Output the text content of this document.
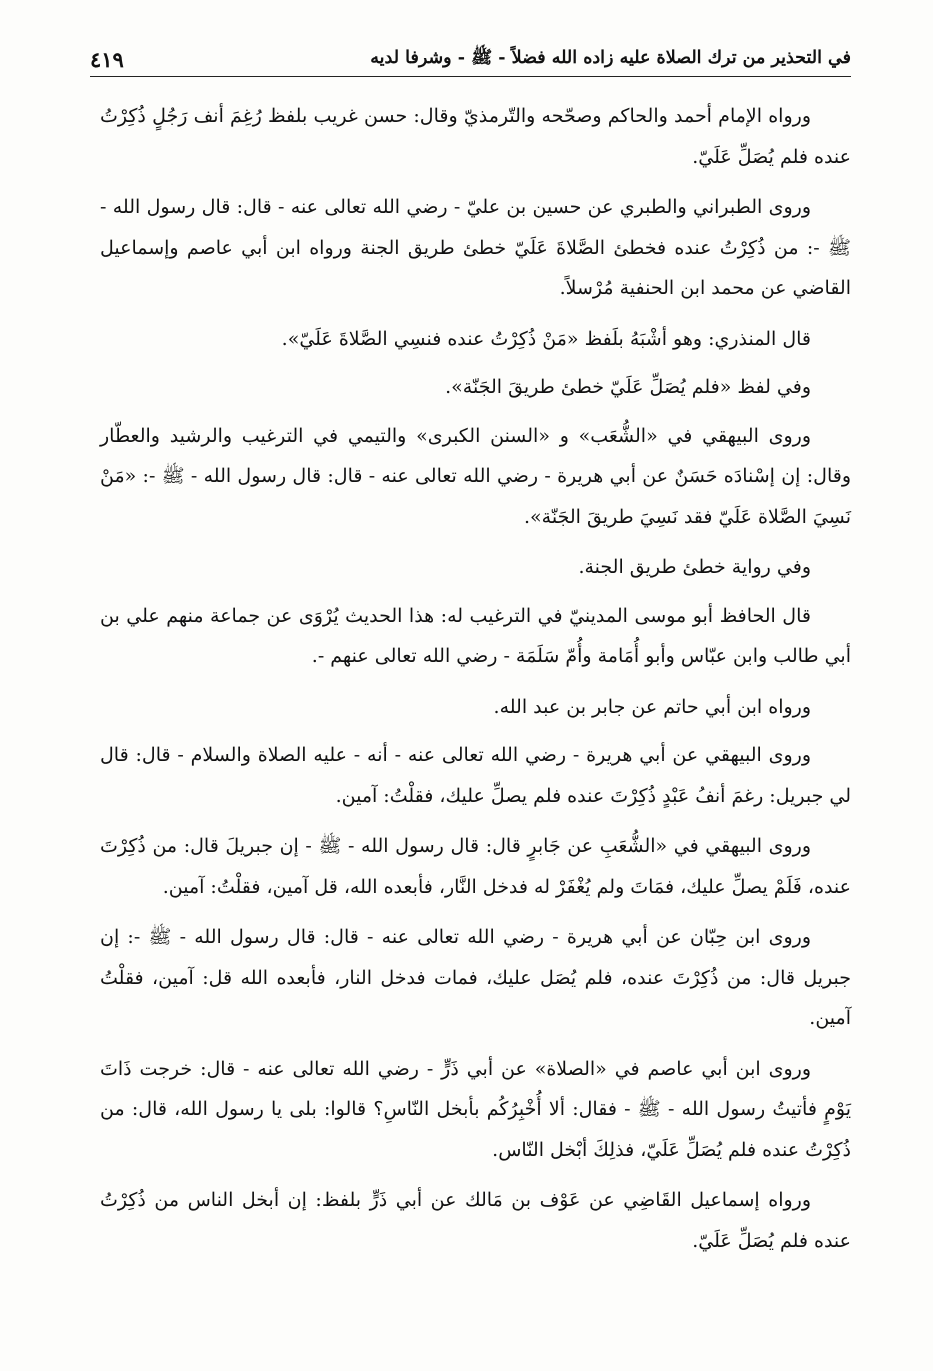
في التحذير من ترك الصلاة عليه زاده الله فضلاً - ﷺ - وشرفا لديه
٤١٩

ورواه الإمام أحمد والحاكم وصحّحه والتّرمذيّ وقال: حسن غريب بلفظ رُغِمَ أنف رَجُلٍ ذُكِرْتُ عنده فلم يُصَلِّ عَلَيّ.

وروى الطبراني والطبري عن حسين بن عليّ - رضي الله تعالى عنه - قال: قال رسول الله - ﷺ -: من ذُكِرْتُ عنده فخطئ الصَّلاةَ عَلَيّ خطئ طريق الجنة ورواه ابن أبي عاصم وإسماعيل القاضي عن محمد ابن الحنفية مُرْسلاً.

قال المنذري: وهو أشْبَهُ بلَفظ «مَنْ ذُكِرْتُ عنده فنسِي الصَّلاةَ عَلَيّ».

وفي لفظ «فلم يُصَلِّ عَلَيّ خطئ طريقَ الجَنّة».

وروى البيهقي في «الشُّعَب» و «السنن الكبرى» والتيمي في الترغيب والرشيد والعطّار وقال: إن إسْنادَه حَسَنٌ عن أبي هريرة - رضي الله تعالى عنه - قال: قال رسول الله - ﷺ -: «مَنْ نَسِيَ الصَّلاة عَلَيّ فقد نَسِيَ طريقَ الجَنّة».

وفي رواية خطئ طريق الجنة.

قال الحافظ أبو موسى المدينيّ في الترغيب له: هذا الحديث يُرْوَى عن جماعة منهم علي بن أبي طالب وابن عبّاس وأبو أُمَامة وأُمّ سَلَمَة - رضي الله تعالى عنهم -.

ورواه ابن أبي حاتم عن جابر بن عبد الله.

وروى البيهقي عن أبي هريرة - رضي الله تعالى عنه - أنه - عليه الصلاة والسلام - قال: قال لي جبريل: رغمَ أنفُ عَبْدٍ ذُكِرْتَ عنده فلم يصلِّ عليك، فقلْتُ: آمين.

وروى البيهقي في «الشُّعَبِ عن جَابرٍ قال: قال رسول الله - ﷺ - إن جبريلَ قال: من ذُكِرْتَ عنده، فَلَمْ يصلِّ عليك، فمَاتَ ولم يُغْفَرْ له فدخل النَّار، فأبعده الله، قل آمين، فقلْتُ: آمين.

وروى ابن حِبّان عن أبي هريرة - رضي الله تعالى عنه - قال: قال رسول الله - ﷺ -: إن جبريل قال: من ذُكِرْتَ عنده، فلم يُصَل عليك، فمات فدخل النار، فأبعده الله قل: آمين، فقلْتُ آمين.

وروى ابن أبي عاصم في «الصلاة» عن أبي ذَرٍّ - رضي الله تعالى عنه - قال: خرجت ذَاتَ يَوْمٍ فأتيتُ رسول الله - ﷺ - فقال: ألا أُخْبِرُكُم بأبخل النّاسِ؟ قالوا: بلى يا رسول الله، قال: من ذُكِرْتُ عنده فلم يُصَلِّ عَلَيّ، فذلِكَ أبْخل النّاس.

ورواه إسماعيل القَاضِي عن عَوْف بن مَالك عن أبي ذَرٍّ بلفظ: إن أبخل الناس من ذُكِرْتُ عنده فلم يُصَلِّ عَلَيّ.
